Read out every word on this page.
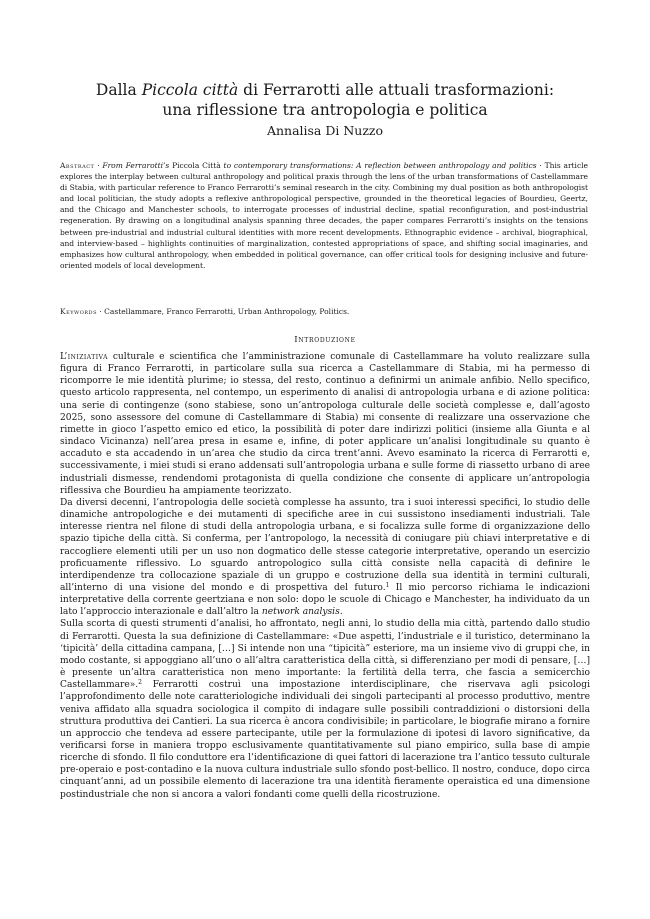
Dalla Piccola città di Ferrarotti alle attuali trasformazioni:
una riflessione tra antropologia e politica
Annalisa Di Nuzzo
Abstract · From Ferrarotti’s Piccola Città to contemporary transformations: A reflection between anthropology and politics · This article explores the interplay between cultural anthropology and political praxis through the lens of the urban transformations of Castellammare di Stabia, with particular reference to Franco Ferrarotti’s seminal research in the city. Combining my dual position as both anthropologist and local politician, the study adopts a reflexive anthropological perspective, grounded in the theoretical legacies of Bourdieu, Geertz, and the Chicago and Manchester schools, to interrogate processes of industrial decline, spatial reconfiguration, and post-industrial regeneration. By drawing on a longitudinal analysis spanning three decades, the paper compares Ferrarotti’s insights on the tensions between pre-industrial and industrial cultural identities with more recent developments. Ethnographic evidence – archival, biographical, and interview-based – highlights continuities of marginalization, contested appropriations of space, and shifting social imaginaries, and emphasizes how cultural anthropology, when embedded in political governance, can offer critical tools for designing inclusive and future-oriented models of local development.
Keywords · Castellammare, Franco Ferrarotti, Urban Anthropology, Politics.
Introduzione

L’iniziativa culturale e scientifica che l’amministrazione comunale di Castellammare ha voluto realizzare sulla figura di Franco Ferrarotti, in particolare sulla sua ricerca a Castellammare di Stabia, mi ha permesso di ricomporre le mie identità plurime; io stessa, del resto, continuo a definirmi un animale anfibio. Nello specifico, questo articolo rappresenta, nel contempo, un esperimento di analisi di antropologia urbana e di azione politica: una serie di contingenze (sono stabiese, sono un’antropologa culturale delle società complesse e, dall’agosto 2025, sono assessore del comune di Castellammare di Stabia) mi consente di realizzare una osservazione che rimette in gioco l’aspetto emico ed etico, la possibilità di poter dare indirizzi politici (insieme alla Giunta e al sindaco Vicinanza) nell’area presa in esame e, infine, di poter applicare un’analisi longitudinale su quanto è accaduto e sta accadendo in un’area che studio da circa trent’anni. Avevo esaminato la ricerca di Ferrarotti e, successivamente, i miei studi si erano addensati sull’antropologia urbana e sulle forme di riassetto urbano di aree industriali dismesse, rendendomi protagonista di quella condizione che consente di applicare un’antropologia riflessiva che Bourdieu ha ampiamente teorizzato.

Da diversi decenni, l’antropologia delle società complesse ha assunto, tra i suoi interessi specifici, lo studio delle dinamiche antropologiche e dei mutamenti di specifiche aree in cui sussistono insediamenti industriali. Tale interesse rientra nel filone di studi della antropologia urbana, e si focalizza sulle forme di organizzazione dello spazio tipiche della città. Si conferma, per l’antropologo, la necessità di coniugare più chiavi interpretative e di raccogliere elementi utili per un uso non dogmatico delle stesse categorie interpretative, operando un esercizio proficuamente riflessivo. Lo sguardo antropologico sulla città consiste nella capacità di definire le interdipendenze tra collocazione spaziale di un gruppo e costruzione della sua identità in termini culturali, all’interno di una visione del mondo e di prospettiva del futuro.$^1$ Il mio percorso richiama le indicazioni interpretative della corrente geertziana e non solo: dopo le scuole di Chicago e Manchester, ha individuato da un lato l’approccio interazionale e dall’altro la network analysis.

Sulla scorta di questi strumenti d’analisi, ho affrontato, negli anni, lo studio della mia città, partendo dallo studio di Ferrarotti. Questa la sua definizione di Castellammare: «Due aspetti, l’industriale e il turistico, determinano la ‘tipicità’ della cittadina campana, […] Si intende non una “tipicità” esteriore, ma un insieme vivo di gruppi che, in modo costante, si appoggiano all’uno o all’altra caratteristica della città, si differenziano per modi di pensare, […] è presente un’altra caratteristica non meno importante: la fertilità della terra, che fascia a semicerchio Castellammare».$^2$ Ferrarotti costruì una impostazione interdisciplinare, che riservava agli psicologi l’approfondimento delle note caratteriologiche individuali dei singoli partecipanti al processo produttivo, mentre veniva affidato alla squadra sociologica il compito di indagare sulle possibili contraddizioni o distorsioni della struttura produttiva dei Cantieri. La sua ricerca è ancora condivisibile; in particolare, le biografie mirano a fornire un approccio che tendeva ad essere partecipante, utile per la formulazione di ipotesi di lavoro significative, da verificarsi forse in maniera troppo esclusivamente quantitativamente sul piano empirico, sulla base di ampie ricerche di sfondo. Il filo conduttore era l’identificazione di quei fattori di lacerazione tra l’antico tessuto culturale pre-operaio e post-contadino e la nuova cultura industriale sullo sfondo post-bellico. Il nostro, conduce, dopo circa cinquant’anni, ad un possibile elemento di lacerazione tra una identità fieramente operaistica ed una dimensione postindustriale che non si ancora a valori fondanti come quelli della ricostruzione.
